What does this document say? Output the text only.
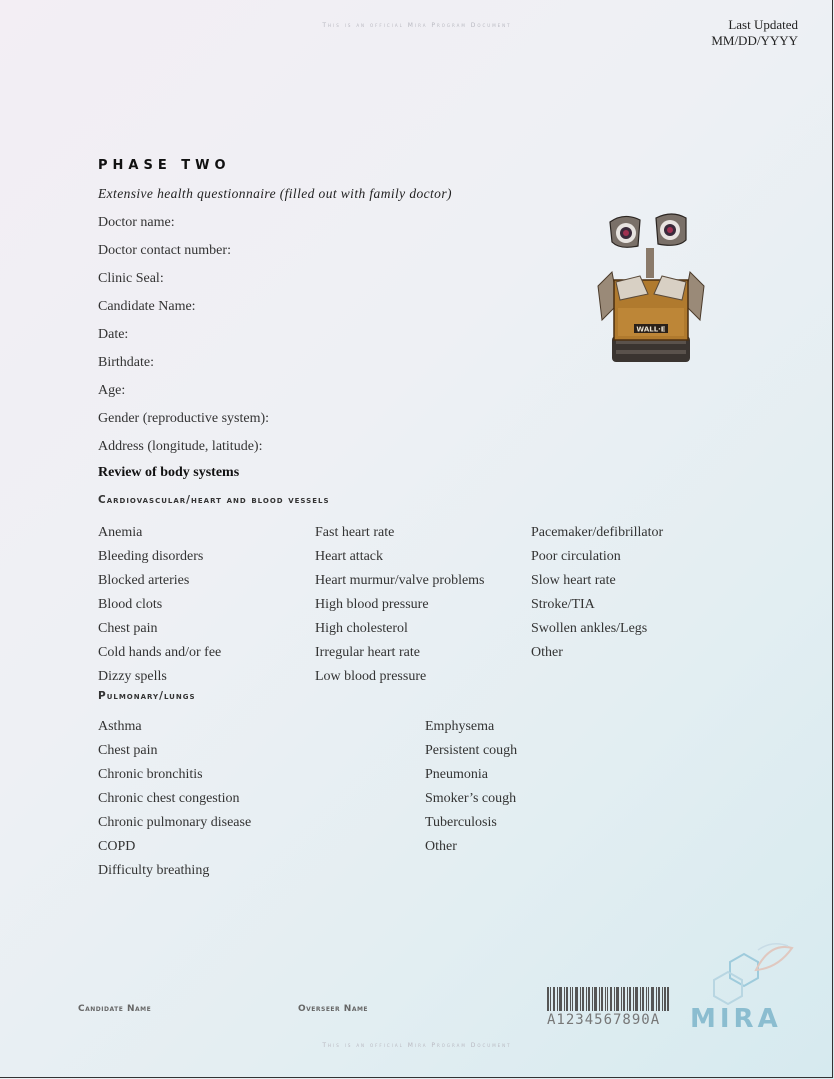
This is an official Mira Program Document	Last Updated
MM/DD/YYYY
PHASE TWO
Extensive health questionnaire (filled out with family doctor)
Doctor name:
Doctor contact number:
Clinic Seal:
Candidate Name:
Date:
Birthdate:
Age:
Gender (reproductive system):
Address (longitude, latitude):
WALL·E
Review of body systems
Cardiovascular/heart and blood vessels
Anemia
Bleeding disorders
Blocked arteries
Blood clots
Chest pain
Cold hands and/or fee
Dizzy spells
Fast heart rate
Heart attack
Heart murmur/valve problems
High blood pressure
High cholesterol
Irregular heart rate
Low blood pressure
Pacemaker/defibrillator
Poor circulation
Slow heart rate
Stroke/TIA
Swollen ankles/Legs
Other
Pulmonary/lungs
Asthma
Chest pain
Chronic bronchitis
Chronic chest congestion
Chronic pulmonary disease
COPD
Difficulty breathing
Emphysema
Persistent cough
Pneumonia
Smoker’s cough
Tuberculosis
Other
Candidate Name	Overseer Name
A1234567890A MIRA
This is an official Mira Program Document
